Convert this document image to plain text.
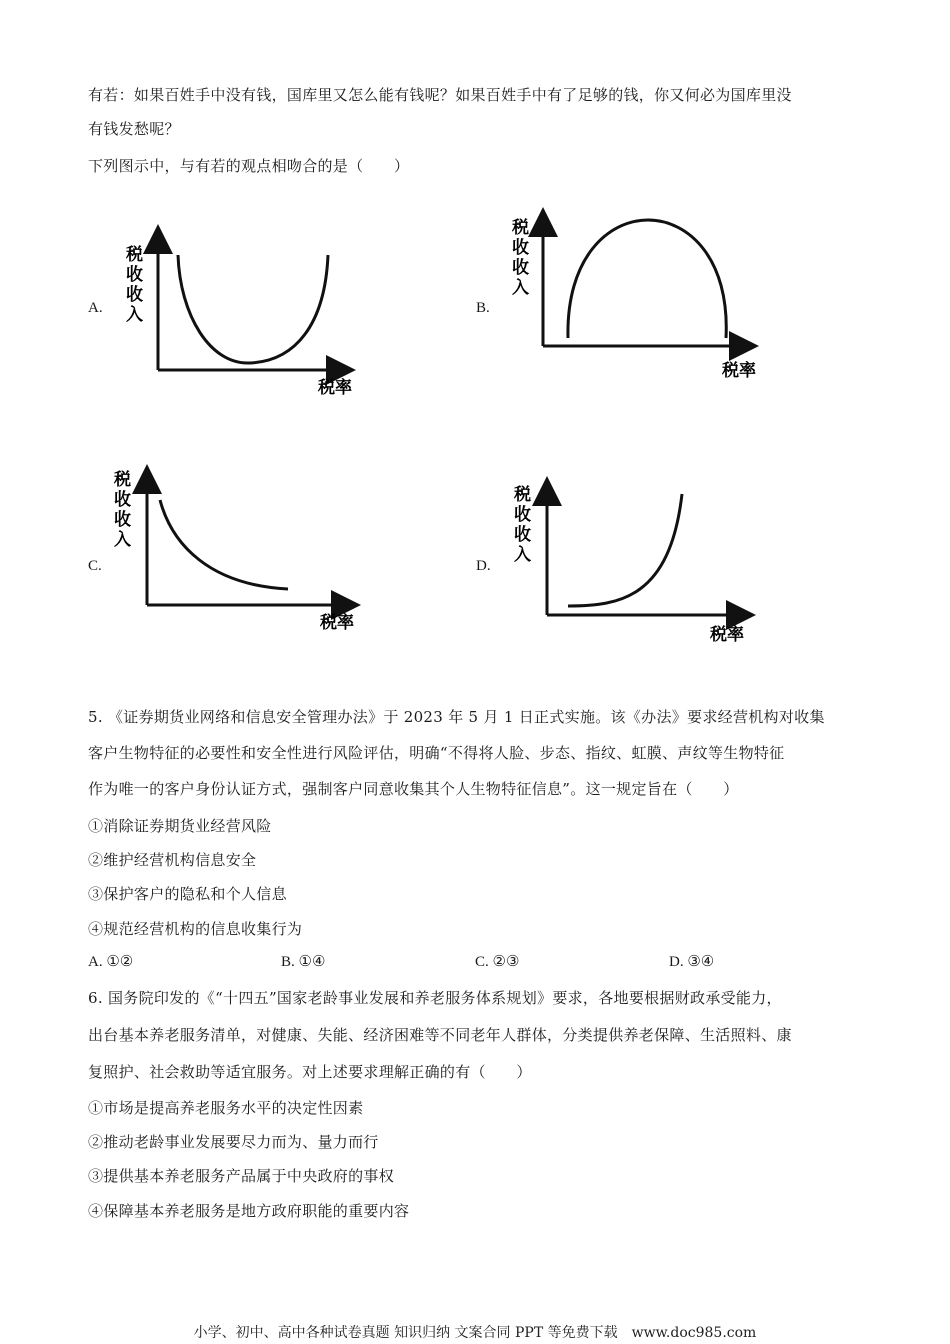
有若：如果百姓手中没有钱，国库里又怎么能有钱呢？如果百姓手中有了足够的钱，你又何必为国库里没
有钱发愁呢？
下列图示中，与有若的观点相吻合的是（　　）
A.
税
收
收
入
税率
B.
税
收
收
入
税率
C.
税
收
收
入
税率
D.
税
收
收
入
税率
5. 《证券期货业网络和信息安全管理办法》于 2023 年 5 月 1 日正式实施。该《办法》要求经营机构对收集
客户生物特征的必要性和安全性进行风险评估，明确“不得将人脸、步态、指纹、虹膜、声纹等生物特征
作为唯一的客户身份认证方式，强制客户同意收集其个人生物特征信息”。这一规定旨在（　　）
①消除证券期货业经营风险
②维护经营机构信息安全
③保护客户的隐私和个人信息
④规范经营机构的信息收集行为
A. ①②	B. ①④	C. ②③	D. ③④
6. 国务院印发的《“十四五”国家老龄事业发展和养老服务体系规划》要求，各地要根据财政承受能力，
出台基本养老服务清单，对健康、失能、经济困难等不同老年人群体，分类提供养老保障、生活照料、康
复照护、社会救助等适宜服务。对上述要求理解正确的有（　　）
①市场是提高养老服务水平的决定性因素
②推动老龄事业发展要尽力而为、量力而行
③提供基本养老服务产品属于中央政府的事权
④保障基本养老服务是地方政府职能的重要内容
小学、初中、高中各种试卷真题 知识归纳 文案合同 PPT 等免费下载　www.doc985.com
